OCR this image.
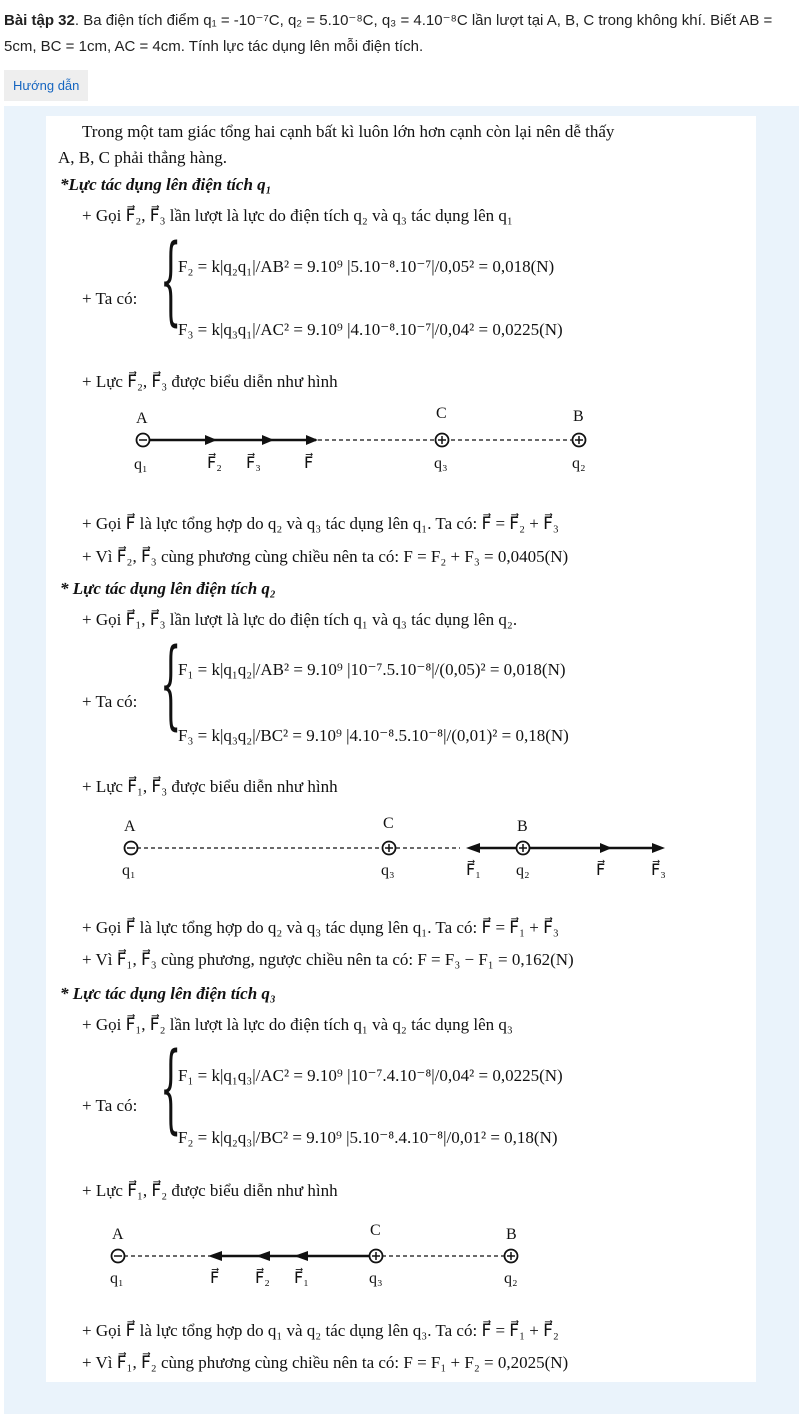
Bài tập 32. Ba điện tích điểm q₁ = -10⁻⁷C, q₂ = 5.10⁻⁸C, q₃ = 4.10⁻⁸C lần lượt tại A, B, C trong không khí. Biết AB = 5cm, BC = 1cm, AC = 4cm. Tính lực tác dụng lên mỗi điện tích.
Hướng dẫn
Trong một tam giác tổng hai cạnh bất kì luôn lớn hơn cạnh còn lại nên dễ thấy
A, B, C phải thẳng hàng.
*Lực tác dụng lên điện tích q₁
+ Gọi F⃗₂, F⃗₃ lần lượt là lực do điện tích q₂ và q₃ tác dụng lên q₁
+ Ta có: {
F₂ = k|q₂q₁|/AB² = 9.10⁹ |5.10⁻⁸.10⁻⁷|/0,05² = 0,018(N)
F₃ = k|q₃q₁|/AC² = 9.10⁹ |4.10⁻⁸.10⁻⁷|/0,04² = 0,0225(N)
+ Lực F⃗₂, F⃗₃ được biểu diễn như hình
A	C	B
q₁	F⃗₂ F⃗₃	F⃗	q₃	q₂
+ Gọi F⃗ là lực tổng hợp do q₂ và q₃ tác dụng lên q₁. Ta có: F⃗ = F⃗₂ + F⃗₃
+ Vì F⃗₂, F⃗₃ cùng phương cùng chiều nên ta có: F = F₂ + F₃ = 0,0405(N)
* Lực tác dụng lên điện tích q₂
+ Gọi F⃗₁, F⃗₃ lần lượt là lực do điện tích q₁ và q₃ tác dụng lên q₂.
+ Ta có: {
F₁ = k|q₁q₂|/AB² = 9.10⁹ |10⁻⁷.5.10⁻⁸|/(0,05)² = 0,018(N)
F₃ = k|q₃q₂|/BC² = 9.10⁹ |4.10⁻⁸.5.10⁻⁸|/(0,01)² = 0,18(N)
+ Lực F⃗₁, F⃗₃ được biểu diễn như hình
A	C	B
q₁	q₃	F⃗₁ q₂	F⃗	F⃗₃
+ Gọi F⃗ là lực tổng hợp do q₂ và q₃ tác dụng lên q₁. Ta có: F⃗ = F⃗₁ + F⃗₃
+ Vì F⃗₁, F⃗₃ cùng phương, ngược chiều nên ta có: F = F₃ − F₁ = 0,162(N)
* Lực tác dụng lên điện tích q₃
+ Gọi F⃗₁, F⃗₂ lần lượt là lực do điện tích q₁ và q₂ tác dụng lên q₃
+ Ta có: {
F₁ = k|q₁q₃|/AC² = 9.10⁹ |10⁻⁷.4.10⁻⁸|/0,04² = 0,0225(N)
F₂ = k|q₂q₃|/BC² = 9.10⁹ |5.10⁻⁸.4.10⁻⁸|/0,01² = 0,18(N)
+ Lực F⃗₁, F⃗₂ được biểu diễn như hình
A	C	B
q₁	F⃗ F⃗₂ F⃗₁	q₃	q₂
+ Gọi F⃗ là lực tổng hợp do q₁ và q₂ tác dụng lên q₃. Ta có: F⃗ = F⃗₁ + F⃗₂
+ Vì F⃗₁, F⃗₂ cùng phương cùng chiều nên ta có: F = F₁ + F₂ = 0,2025(N)
